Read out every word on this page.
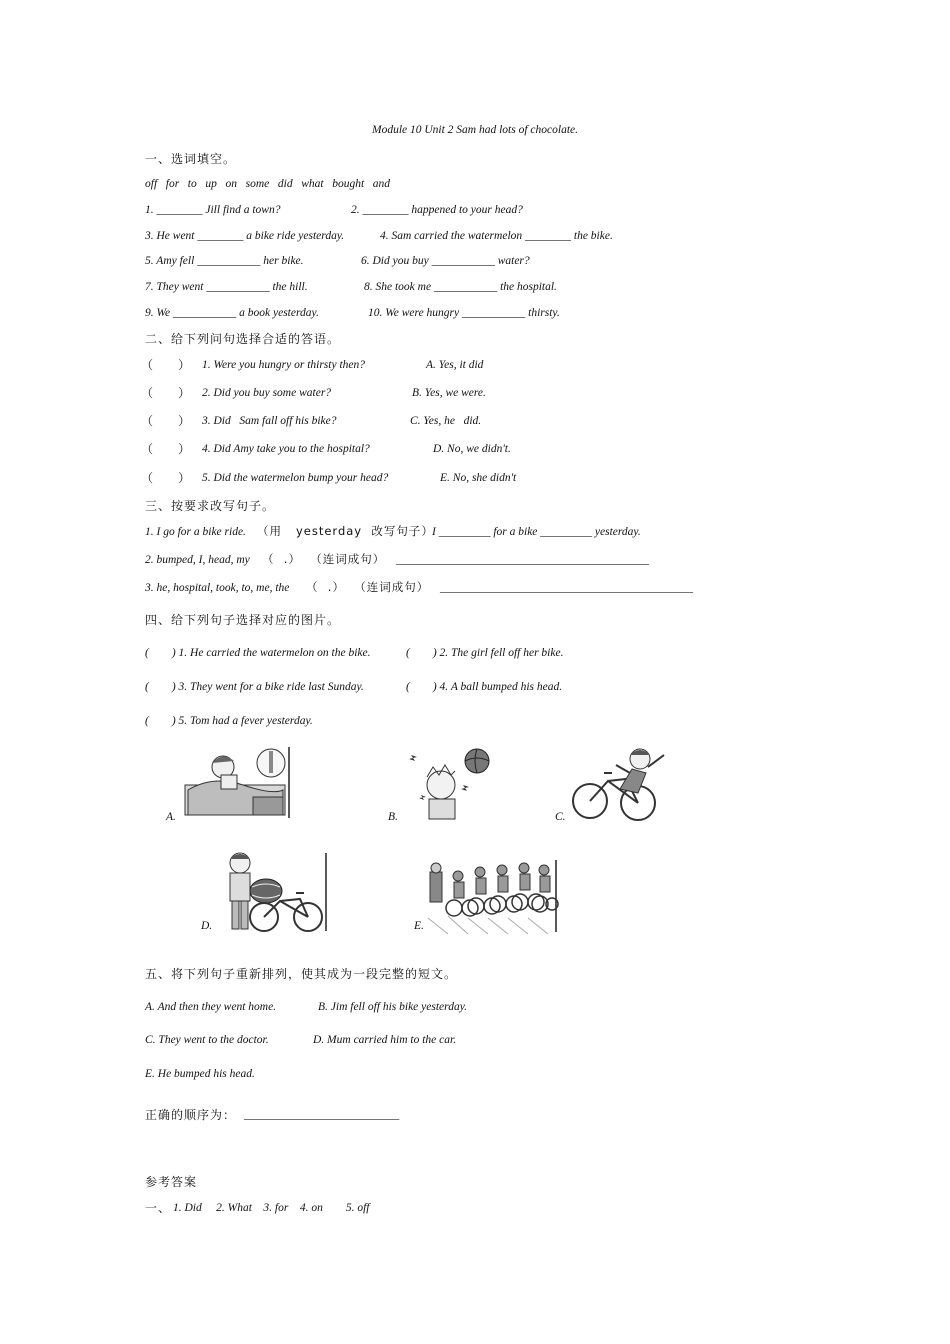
Module 10 Unit 2 Sam had lots of chocolate.
一、选词填空。
off   for   to   up   on   some   did   what   bought   and
1. ________ Jill find a town?	2. ________ happened to your head?
3. He went ________ a bike ride yesterday.	4. Sam carried the watermelon ________ the bike.
5. Amy fell ___________ her bike.	6. Did you buy ___________ water?
7. They went ___________ the hill.	8. She took me ___________ the hospital.
9. We ___________ a book yesterday.	10. We were hungry ___________ thirsty.
二、给下列问句选择合适的答语。
（     ） 1. Were you hungry or thirsty then?	A. Yes, it did
（     ） 2. Did you buy some water?	B. Yes, we were.
（     ） 3. Did   Sam fall off his bike?	C. Yes, he   did.
（     ） 4. Did Amy take you to the hospital?	D. No, we didn't.
（     ） 5. Did the watermelon bump your head?	E. No, she didn't
三、按要求改写句子。
1. I go for a bike ride. （用   yesterday  改写句子）
I _________ for a bike _________ yesterday.
2. bumped, I, head, my （  .）  （连词成句） ____________________________________________
3. he, hospital, took, to, me, the （  .）  （连词成句） ____________________________________________
四、给下列句子选择对应的图片。
(        ) 1. He carried the watermelon on the bike.	(        ) 2. The girl fell off her bike.
(        ) 3. They went for a bike ride last Sunday.	(        ) 4. A ball bumped his head.
(        ) 5. Tom had a fever yesterday.
A.	B.	C.
D.	E.
五、将下列句子重新排列，使其成为一段完整的短文。
A. And then they went home.	B. Jim fell off his bike yesterday.
C. They went to the doctor.	D. Mum carried him to the car.
E. He bumped his head.
正确的顺序为： ___________________________
参考答案
一、 1. Did     2. What    3. for    4. on        5. off
